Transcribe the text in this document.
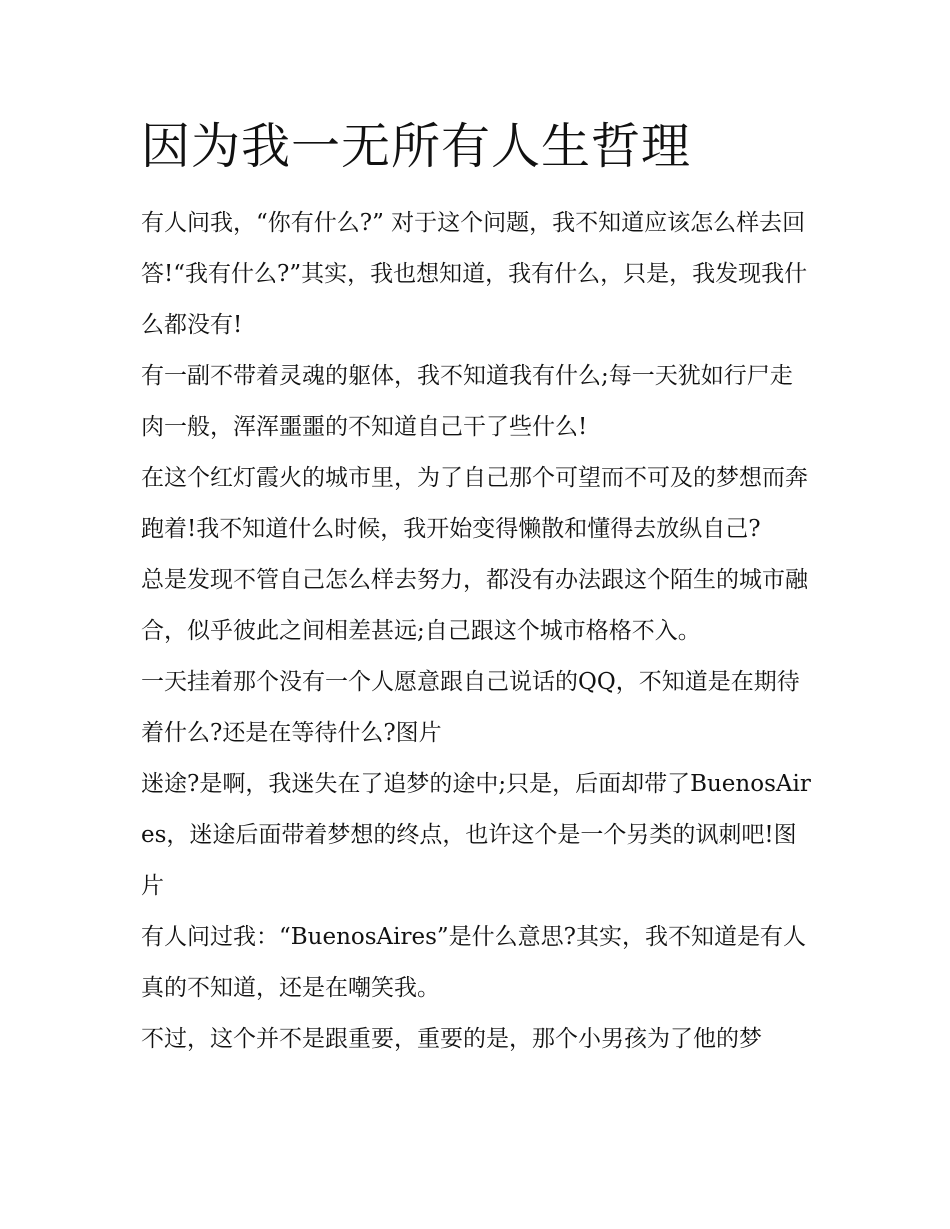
因为我一无所有人生哲理

有人问我，“你有什么?” 对于这个问题，我不知道应该怎么样去回答!“我有什么?”其实，我也想知道，我有什么，只是，我发现我什么都没有!

有一副不带着灵魂的躯体，我不知道我有什么;每一天犹如行尸走肉一般，浑浑噩噩的不知道自己干了些什么!

在这个红灯霞火的城市里，为了自己那个可望而不可及的梦想而奔跑着!我不知道什么时候，我开始变得懒散和懂得去放纵自己?

总是发现不管自己怎么样去努力，都没有办法跟这个陌生的城市融合，似乎彼此之间相差甚远;自己跟这个城市格格不入。

一天挂着那个没有一个人愿意跟自己说话的QQ，不知道是在期待着什么?还是在等待什么?图片

迷途?是啊，我迷失在了追梦的途中;只是，后面却带了BuenosAires，迷途后面带着梦想的终点，也许这个是一个另类的讽刺吧!图片

有人问过我：“BuenosAires”是什么意思?其实，我不知道是有人真的不知道，还是在嘲笑我。

不过，这个并不是跟重要，重要的是，那个小男孩为了他的梦
